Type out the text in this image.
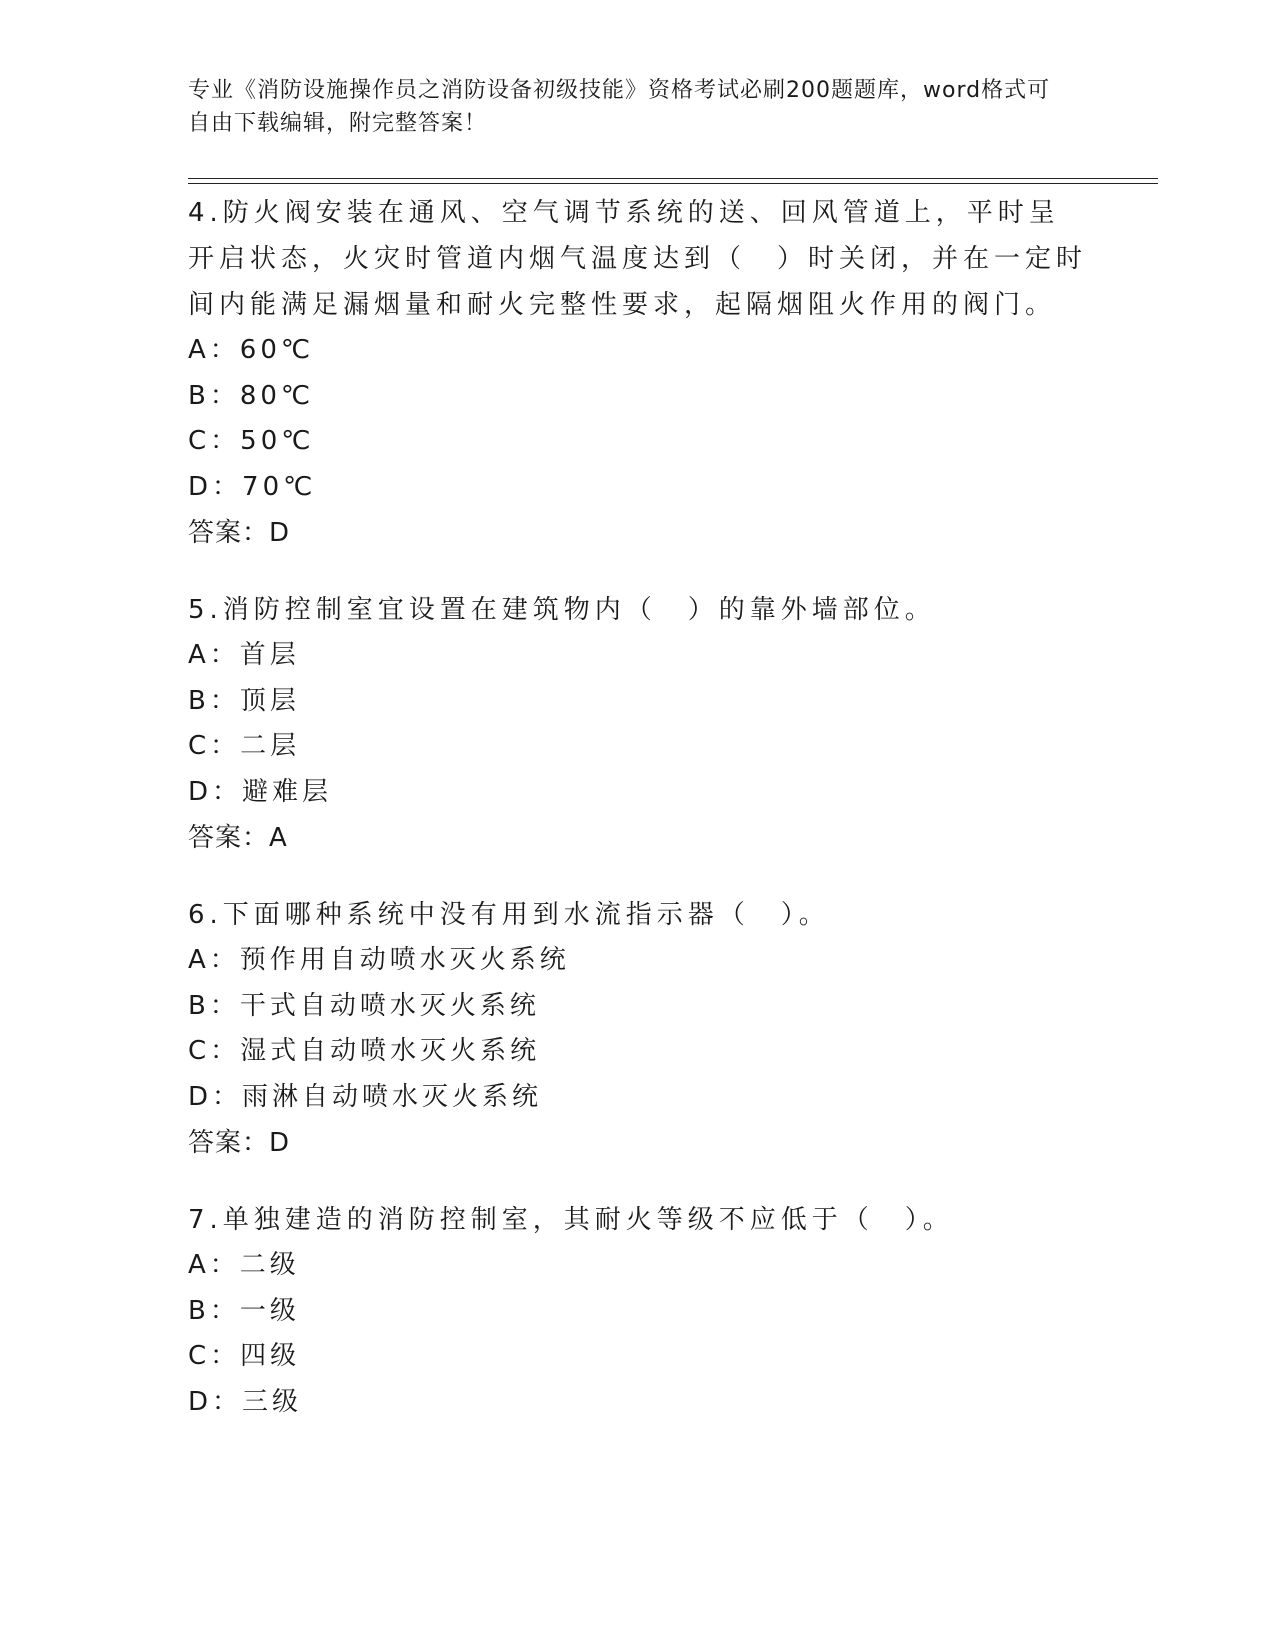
专业《消防设施操作员之消防设备初级技能》资格考试必刷200题题库，word格式可自由下载编辑，附完整答案！

4.防火阀安装在通风、空气调节系统的送、回风管道上，平时呈开启状态，火灾时管道内烟气温度达到（　）时关闭，并在一定时间内能满足漏烟量和耐火完整性要求，起隔烟阻火作用的阀门。

A：60℃

B：80℃

C：50℃

D：70℃

答案：D

5.消防控制室宜设置在建筑物内（　）的靠外墙部位。

A：首层

B：顶层

C：二层

D：避难层

答案：A

6.下面哪种系统中没有用到水流指示器（　）。

A：预作用自动喷水灭火系统

B：干式自动喷水灭火系统

C：湿式自动喷水灭火系统

D：雨淋自动喷水灭火系统

答案：D

7.单独建造的消防控制室，其耐火等级不应低于（　）。

A：二级

B：一级

C：四级

D：三级
